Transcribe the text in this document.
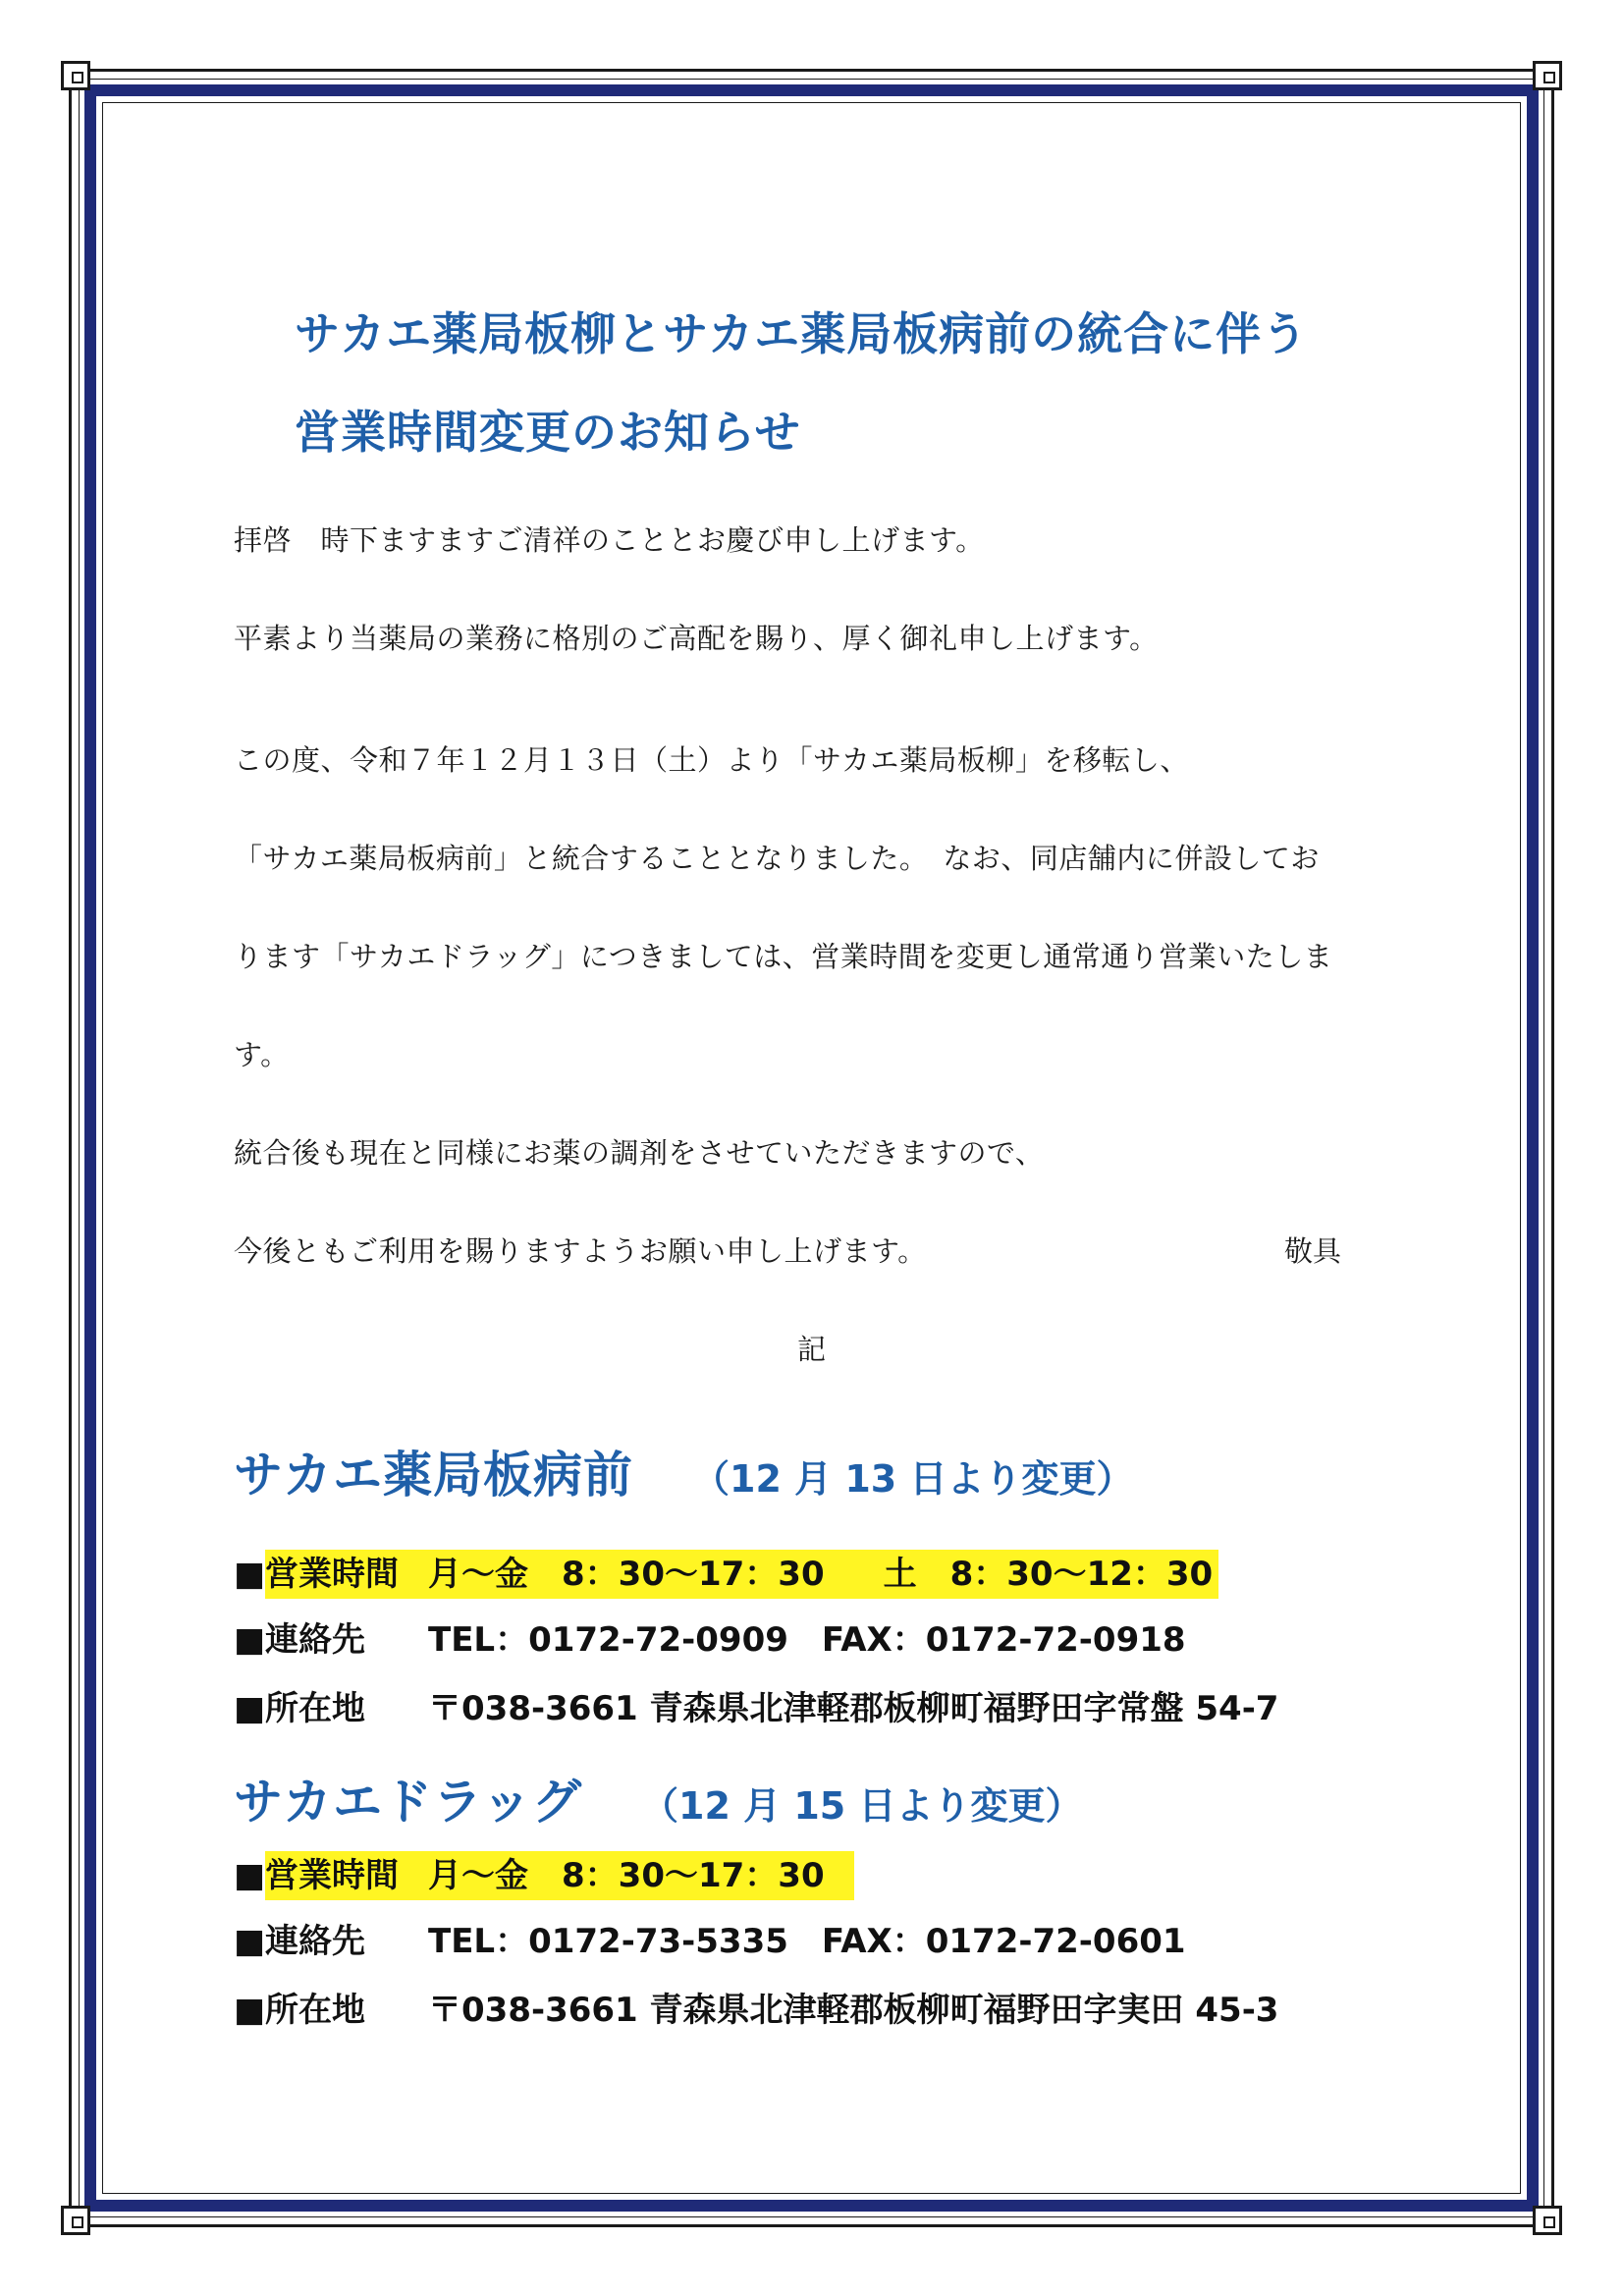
サカエ薬局板柳とサカエ薬局板病前の統合に伴う
営業時間変更のお知らせ
拝啓　時下ますますご清祥のこととお慶び申し上げます。
平素より当薬局の業務に格別のご高配を賜り、厚く御礼申し上げます。
この度、令和７年１２月１３日（土）より「サカエ薬局板柳」を移転し、
「サカエ薬局板病前」と統合することとなりました。　なお、同店舗内に併設してお
ります「サカエドラッグ」につきましては、営業時間を変更し通常通り営業いたしま
す。
統合後も現在と同様にお薬の調剤をさせていただきますので、
今後ともご利用を賜りますようお願い申し上げます。	敬具
記
サカエ薬局板病前 （12 月 13 日より変更）
■営業時間 月～金　8：30～17：30 土　8：30～12：30
■連絡先 TEL：0172-72-0909 FAX：0172-72-0918
■所在地 〒038-3661 青森県北津軽郡板柳町福野田字常盤 54-7
サカエドラッグ （12 月 15 日より変更）
■営業時間 月～金　8：30～17：30
■連絡先 TEL：0172-73-5335 FAX：0172-72-0601
■所在地 〒038-3661 青森県北津軽郡板柳町福野田字実田 45-3
